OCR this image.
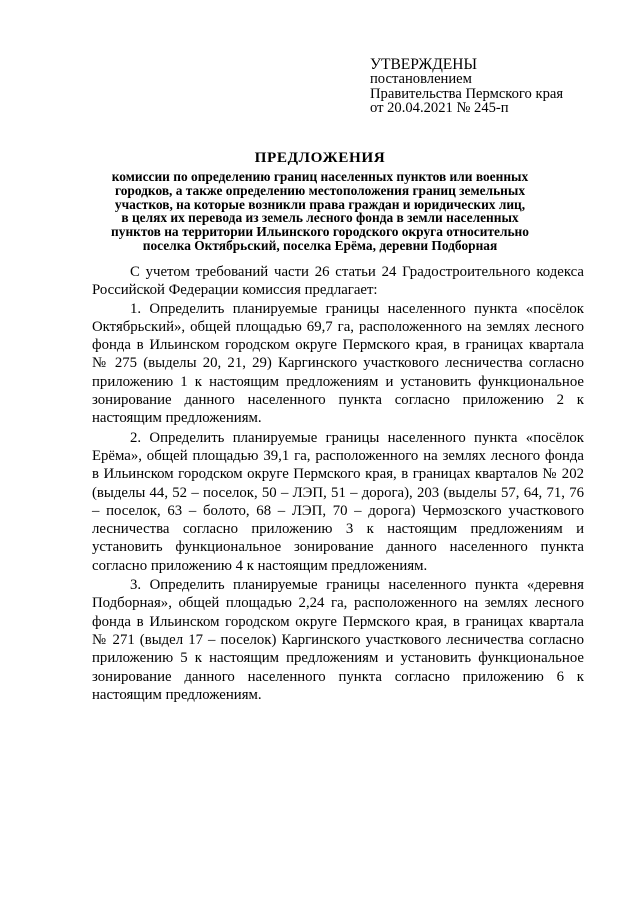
УТВЕРЖДЕНЫ
постановлением
Правительства Пермского края
от 20.04.2021 № 245-п
ПРЕДЛОЖЕНИЯ
комиссии по определению границ населенных пунктов или военных
городков, а также определению местоположения границ земельных
участков, на которые возникли права граждан и юридических лиц,
в целях их перевода из земель лесного фонда в земли населенных
пунктов на территории Ильинского городского округа относительно
поселка Октябрьский, поселка Ерёма, деревни Подборная

С учетом требований части 26 статьи 24 Градостроительного кодекса Российской Федерации комиссия предлагает:

1. Определить планируемые границы населенного пункта «посёлок Октябрьский», общей площадью 69,7 га, расположенного на землях лесного фонда в Ильинском городском округе Пермского края, в границах квартала № 275 (выделы 20, 21, 29) Каргинского участкового лесничества согласно приложению 1 к настоящим предложениям и установить функциональное зонирование данного населенного пункта согласно приложению 2 к настоящим предложениям.

2. Определить планируемые границы населенного пункта «посёлок Ерёма», общей площадью 39,1 га, расположенного на землях лесного фонда в Ильинском городском округе Пермского края, в границах кварталов № 202 (выделы 44, 52 – поселок, 50 – ЛЭП, 51 – дорога), 203 (выделы 57, 64, 71, 76 – поселок, 63 – болото, 68 – ЛЭП, 70 – дорога) Чермозского участкового лесничества согласно приложению 3 к настоящим предложениям и установить функциональное зонирование данного населенного пункта согласно приложению 4 к настоящим предложениям.

3. Определить планируемые границы населенного пункта «деревня Подборная», общей площадью 2,24 га, расположенного на землях лесного фонда в Ильинском городском округе Пермского края, в границах квартала № 271 (выдел 17 – поселок) Каргинского участкового лесничества согласно приложению 5 к настоящим предложениям и установить функциональное зонирование данного населенного пункта согласно приложению 6 к настоящим предложениям.
